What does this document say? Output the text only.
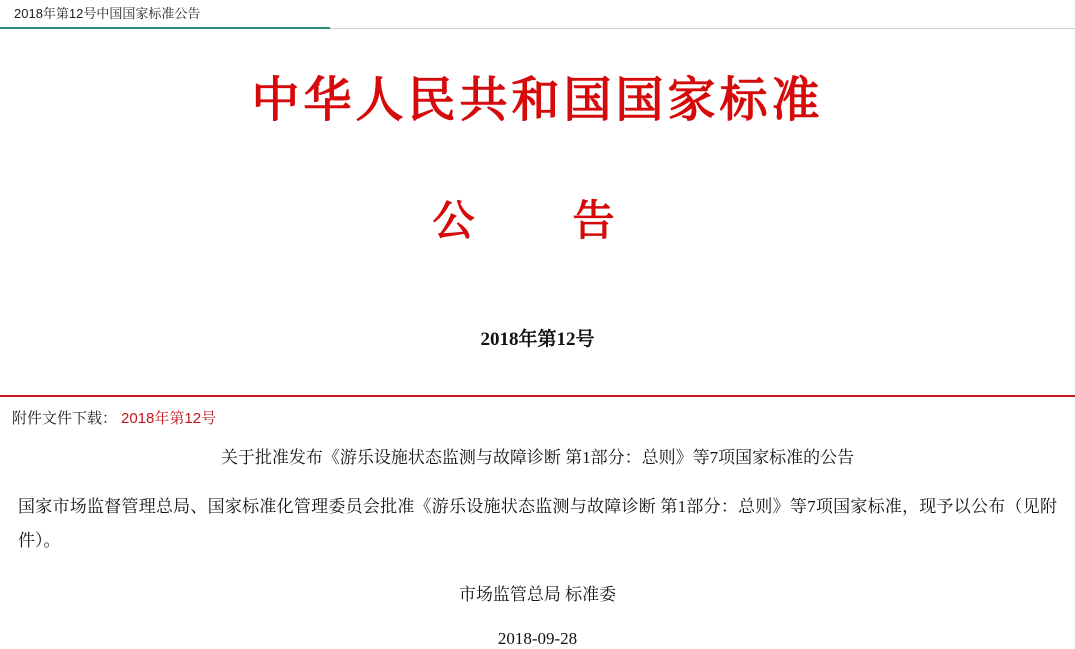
2018年第12号中国国家标准公告
中华人民共和国国家标准
公　告
2018年第12号
附件文件下载： 2018年第12号
关于批准发布《游乐设施状态监测与故障诊断 第1部分：总则》等7项国家标准的公告
国家市场监督管理总局、国家标准化管理委员会批准《游乐设施状态监测与故障诊断 第1部分：总则》等7项国家标准，现予以公布（见附件）。
市场监管总局 标准委
2018-09-28
